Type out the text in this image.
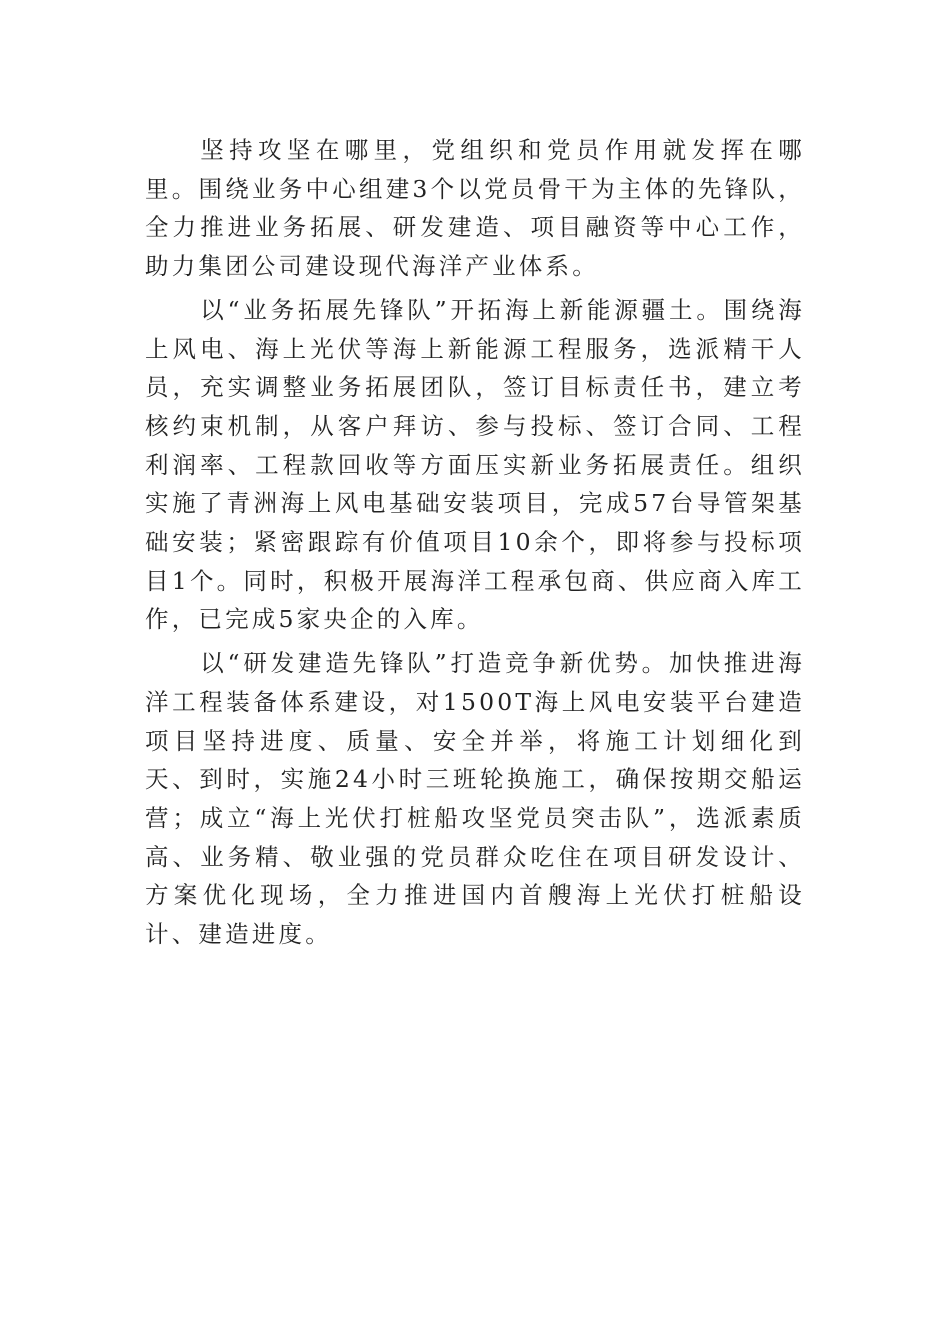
坚持攻坚在哪里，党组织和党员作用就发挥在哪里。围绕业务中心组建3个以党员骨干为主体的先锋队，全力推进业务拓展、研发建造、项目融资等中心工作，助力集团公司建设现代海洋产业体系。

以“业务拓展先锋队”开拓海上新能源疆土。围绕海上风电、海上光伏等海上新能源工程服务，选派精干人员，充实调整业务拓展团队，签订目标责任书，建立考核约束机制，从客户拜访、参与投标、签订合同、工程利润率、工程款回收等方面压实新业务拓展责任。组织实施了青洲海上风电基础安装项目，完成57台导管架基础安装；紧密跟踪有价值项目10余个，即将参与投标项目1个。同时，积极开展海洋工程承包商、供应商入库工作，已完成5家央企的入库。

以“研发建造先锋队”打造竞争新优势。加快推进海洋工程装备体系建设，对1500T海上风电安装平台建造项目坚持进度、质量、安全并举，将施工计划细化到天、到时，实施24小时三班轮换施工，确保按期交船运营；成立“海上光伏打桩船攻坚党员突击队”，选派素质高、业务精、敬业强的党员群众吃住在项目研发设计、方案优化现场，全力推进国内首艘海上光伏打桩船设计、建造进度。
